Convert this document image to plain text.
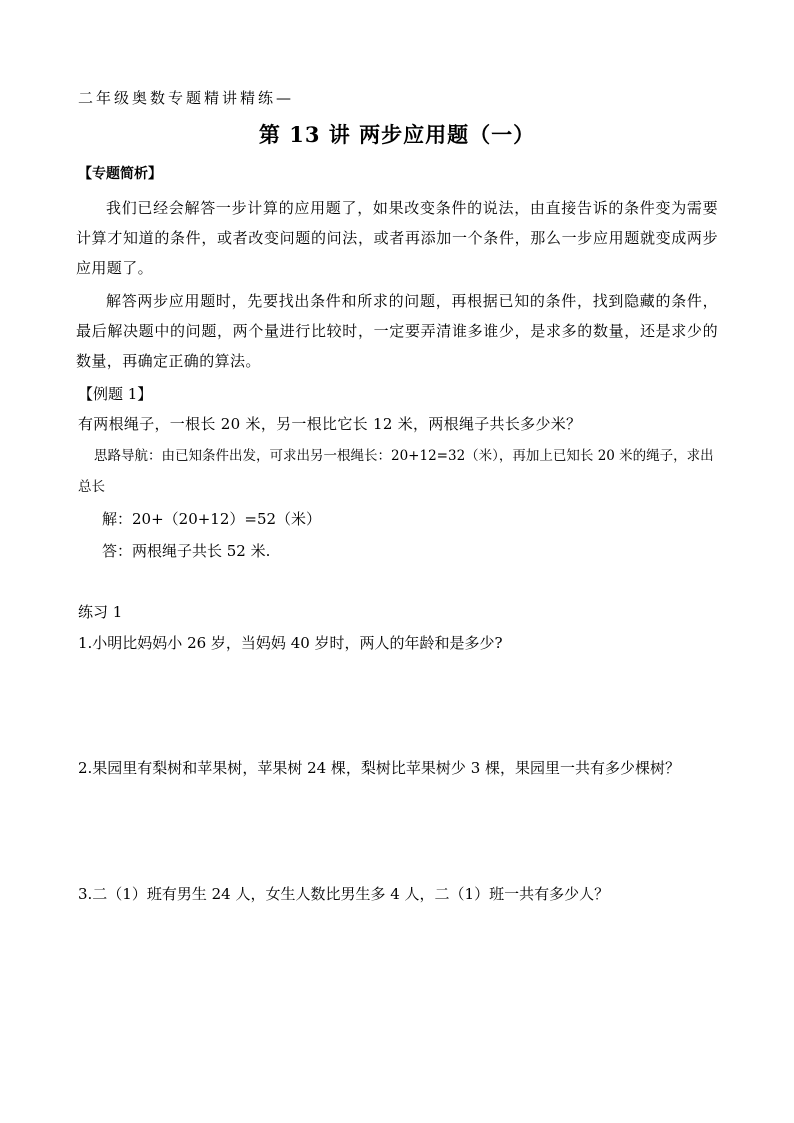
二年级奥数专题精讲精练—
第 13 讲 两步应用题（一）
【专题简析】
我们已经会解答一步计算的应用题了，如果改变条件的说法，由直接告诉的条件变为需要计算才知道的条件，或者改变问题的问法，或者再添加一个条件，那么一步应用题就变成两步应用题了。
解答两步应用题时，先要找出条件和所求的问题，再根据已知的条件，找到隐藏的条件，最后解决题中的问题，两个量进行比较时，一定要弄清谁多谁少，是求多的数量，还是求少的数量，再确定正确的算法。
【例题 1】
有两根绳子，一根长 20 米，另一根比它长 12 米，两根绳子共长多少米？
思路导航：由已知条件出发，可求出另一根绳长：20+12=32（米），再加上已知长 20 米的绳子，求出
总长
解：20+（20+12）=52（米）
答：两根绳子共长 52 米.
练习 1
1.小明比妈妈小 26 岁，当妈妈 40 岁时，两人的年龄和是多少?
2.果园里有梨树和苹果树，苹果树 24 棵，梨树比苹果树少 3 棵，果园里一共有多少棵树？
3.二（1）班有男生 24 人，女生人数比男生多 4 人，二（1）班一共有多少人？
